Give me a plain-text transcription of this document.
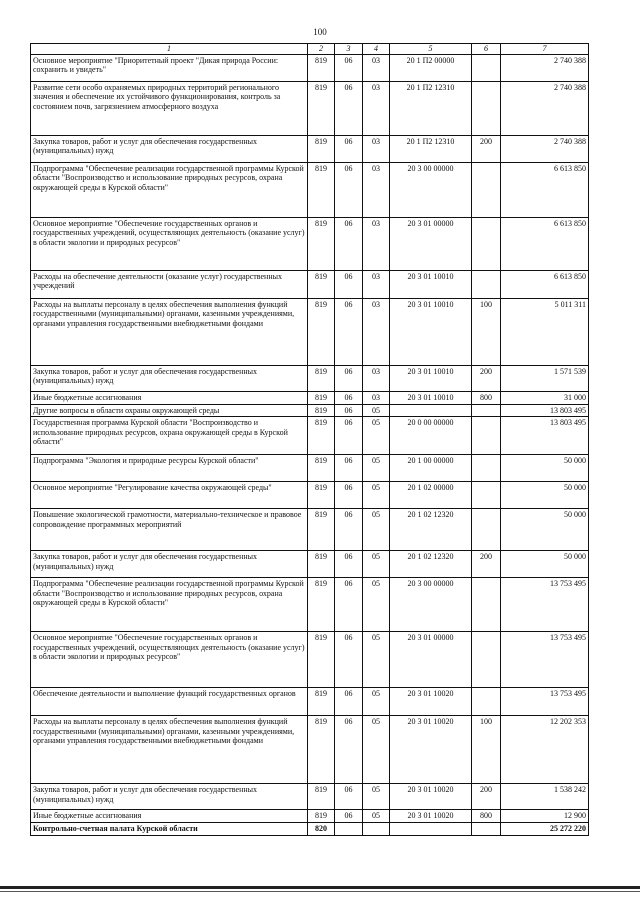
100
1	2	3	4	5	6	7
Основное мероприятие "Приоритетный проект "Дикая природа России: сохранить и увидеть"	819	06	03	20 1 П2 00000		2 740 388
Развитие сети особо охраняемых природных территорий регионального значения и обеспечение их устойчивого функционирования, контроль за состоянием почв, загрязнением атмосферного воздуха	819	06	03	20 1 П2 12310		2 740 388
Закупка товаров, работ и услуг для обеспечения государственных (муниципальных) нужд	819	06	03	20 1 П2 12310	200	2 740 388
Подпрограмма "Обеспечение реализации государственной программы Курской области "Воспроизводство и использование природных ресурсов, охрана окружающей среды в Курской области"	819	06	03	20 3 00 00000		6 613 850
Основное мероприятие "Обеспечение государственных органов и государственных учреждений, осуществляющих деятельность (оказание услуг) в области экологии и природных ресурсов"	819	06	03	20 3 01 00000		6 613 850
Расходы на обеспечение деятельности (оказание услуг) государственных учреждений	819	06	03	20 3 01 10010		6 613 850
Расходы на выплаты персоналу в целях обеспечения выполнения функций государственными (муниципальными) органами, казенными учреждениями, органами управления государственными внебюджетными фондами	819	06	03	20 3 01 10010	100	5 011 311
Закупка товаров, работ и услуг для обеспечения государственных (муниципальных) нужд	819	06	03	20 3 01 10010	200	1 571 539
Иные бюджетные ассигнования	819	06	03	20 3 01 10010	800	31 000
Другие вопросы в области охраны окружающей среды	819	06	05			13 803 495
Государственная программа Курской области "Воспроизводство и использование природных ресурсов, охрана окружающей среды в Курской области"	819	06	05	20 0 00 00000		13 803 495
Подпрограмма "Экология и природные ресурсы Курской области"	819	06	05	20 1 00 00000		50 000
Основное мероприятие "Регулирование качества окружающей среды"	819	06	05	20 1 02 00000		50 000
Повышение экологической грамотности, материально-техническое и правовое сопровождение программных мероприятий	819	06	05	20 1 02 12320		50 000
Закупка товаров, работ и услуг для обеспечения государственных (муниципальных) нужд	819	06	05	20 1 02 12320	200	50 000
Подпрограмма "Обеспечение реализации государственной программы Курской области "Воспроизводство и использование природных ресурсов, охрана окружающей среды в Курской области"	819	06	05	20 3 00 00000		13 753 495
Основное мероприятие "Обеспечение государственных органов и государственных учреждений, осуществляющих деятельность (оказание услуг) в области экологии и природных ресурсов"	819	06	05	20 3 01 00000		13 753 495
Обеспечение деятельности и выполнение функций государственных органов	819	06	05	20 3 01 10020		13 753 495
Расходы на выплаты персоналу в целях обеспечения выполнения функций государственными (муниципальными) органами, казенными учреждениями, органами управления государственными внебюджетными фондами	819	06	05	20 3 01 10020	100	12 202 353
Закупка товаров, работ и услуг для обеспечения государственных (муниципальных) нужд	819	06	05	20 3 01 10020	200	1 538 242
Иные бюджетные ассигнования	819	06	05	20 3 01 10020	800	12 900
Контрольно-счетная палата Курской области	820					25 272 220
